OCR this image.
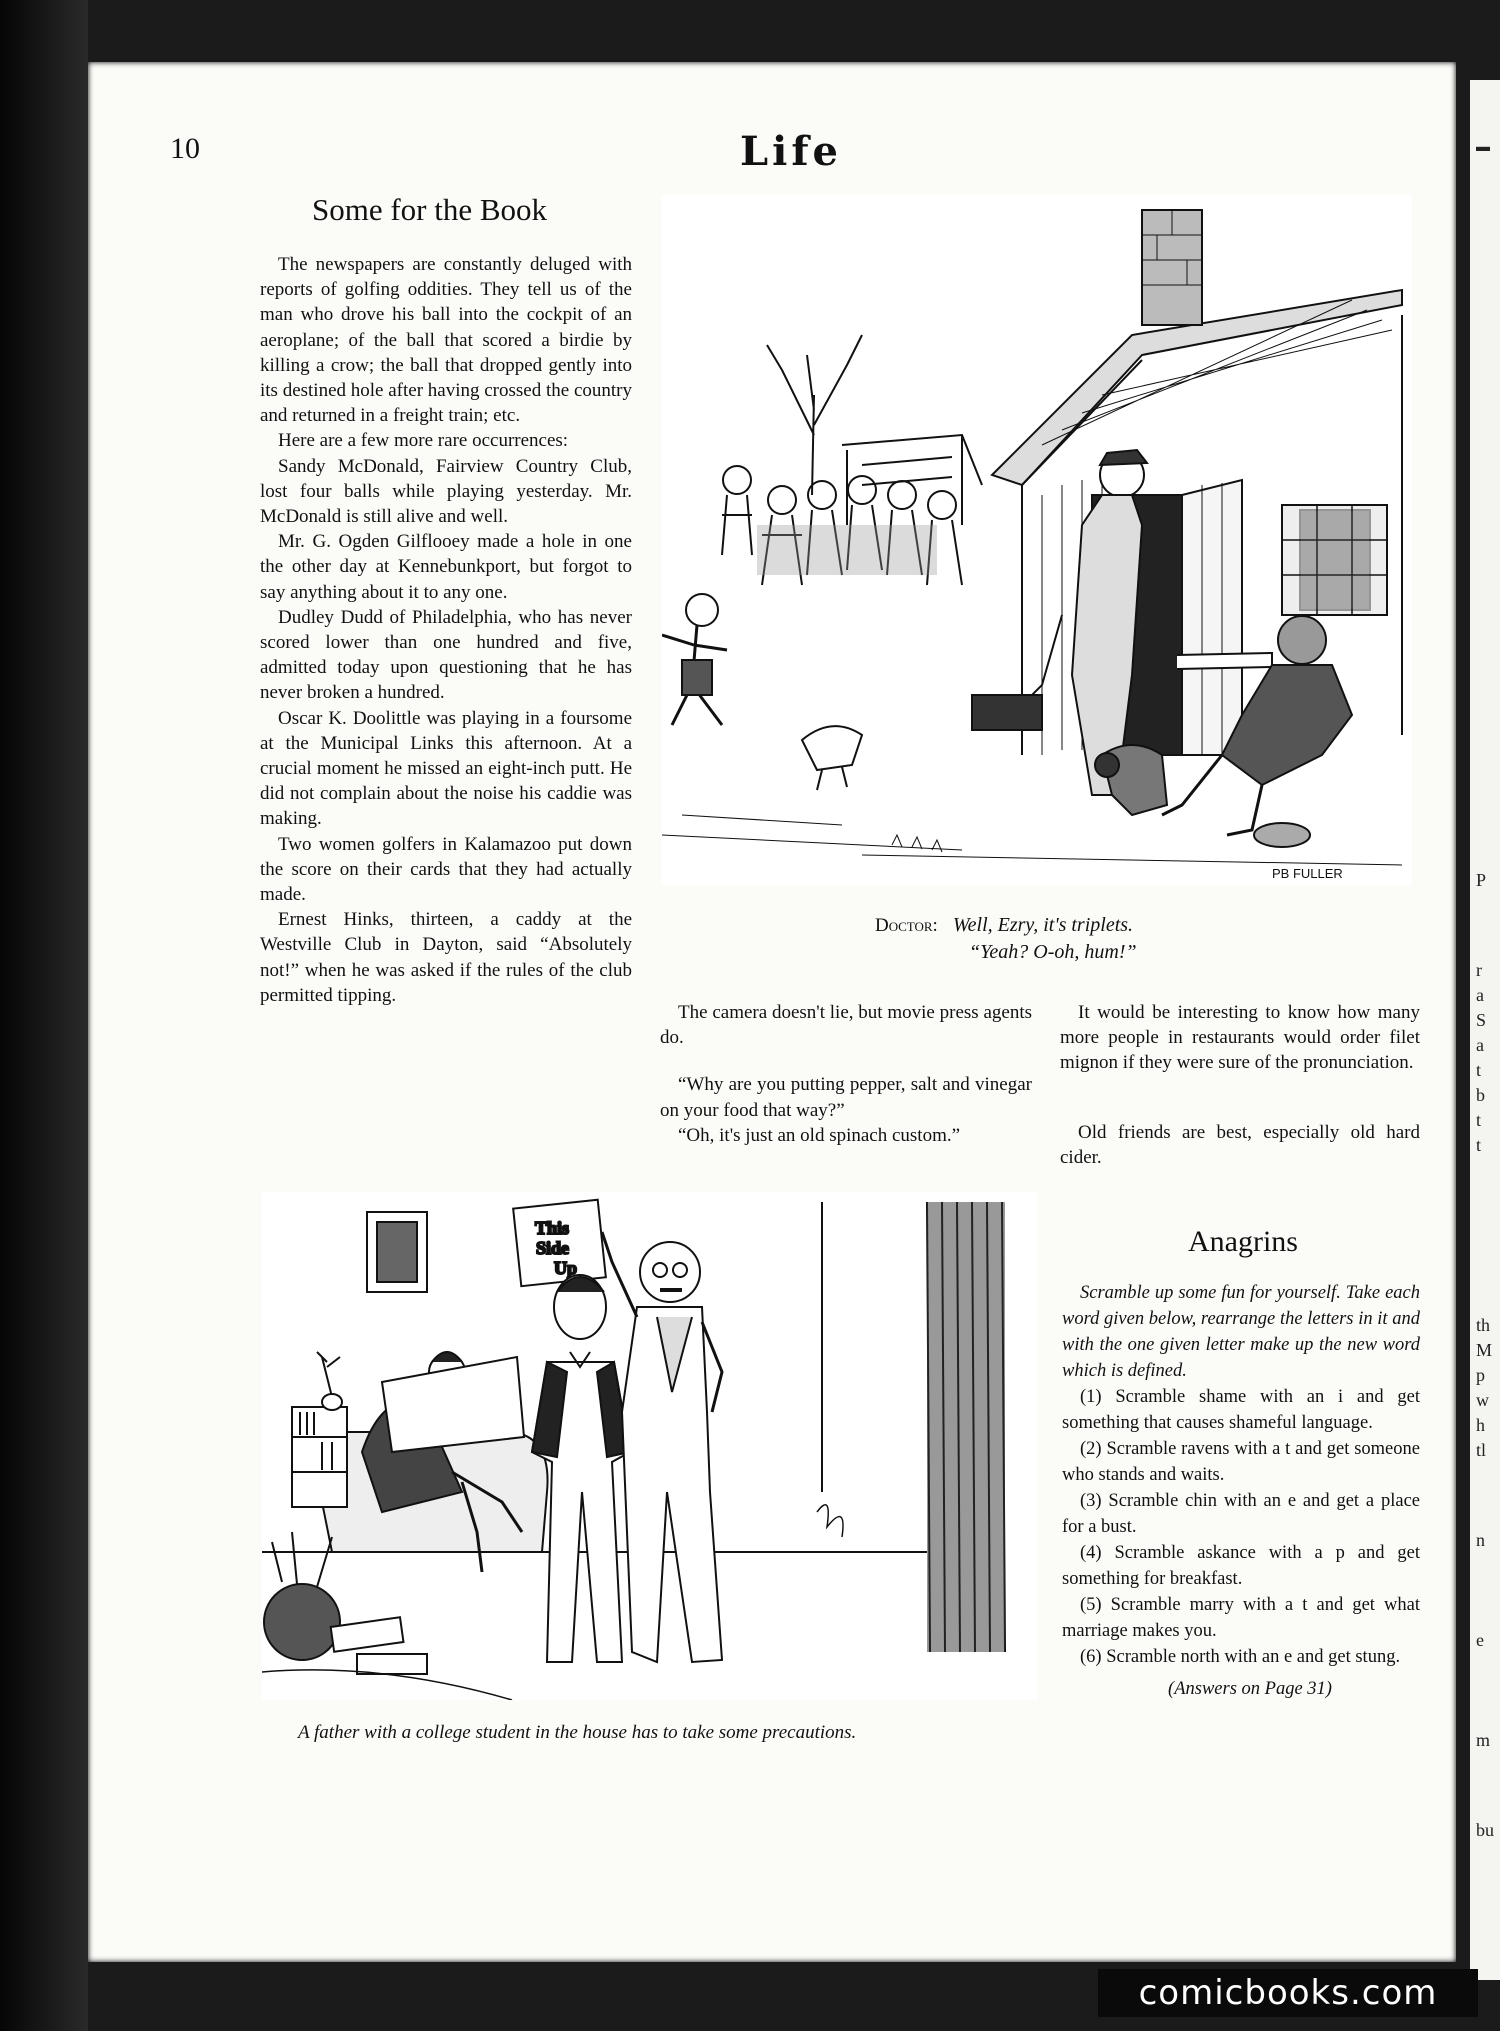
▬
P
r
a
S
a
t
b
t
t
th
M
p
w
h
tl
n
e
m
bu
10	Life
Some for the Book

The newspapers are constantly deluged with reports of golfing oddities. They tell us of the man who drove his ball into the cockpit of an aeroplane; of the ball that scored a birdie by killing a crow; the ball that dropped gently into its destined hole after having crossed the country and returned in a freight train; etc.

Here are a few more rare occurrences:

Sandy McDonald, Fairview Country Club, lost four balls while playing yesterday. Mr. McDonald is still alive and well.

Mr. G. Ogden Gilflooey made a hole in one the other day at Kennebunkport, but forgot to say anything about it to any one.

Dudley Dudd of Philadelphia, who has never scored lower than one hundred and five, admitted today upon questioning that he has never broken a hundred.

Oscar K. Doolittle was playing in a foursome at the Municipal Links this afternoon. At a crucial moment he missed an eight-inch putt. He did not complain about the noise his caddie was making.

Two women golfers in Kalamazoo put down the score on their cards that they had actually made.

Ernest Hinks, thirteen, a caddy at the Westville Club in Dayton, said “Absolutely not!” when he was asked if the rules of the club permitted tipping.

PB FULLER
Doctor: Well, Ezry, it's triplets.
“Yeah? O-oh, hum!”

The camera doesn't lie, but movie press agents do.

“Why are you putting pepper, salt and vinegar on your food that way?”

“Oh, it's just an old spinach custom.”

It would be interesting to know how many more people in restaurants would order filet mignon if they were sure of the pronunciation.

Old friends are best, especially old hard cider.

This
Side
Up
A father with a college student in the house has to take some precautions.
Anagrins

Scramble up some fun for yourself. Take each word given below, rearrange the letters in it and with the one given letter make up the new word which is defined.

(1) Scramble shame with an i and get something that causes shameful language.

(2) Scramble ravens with a t and get someone who stands and waits.

(3) Scramble chin with an e and get a place for a bust.

(4) Scramble askance with a p and get something for breakfast.

(5) Scramble marry with a t and get what marriage makes you.

(6) Scramble north with an e and get stung.

(Answers on Page 31)

comicbooks.com
